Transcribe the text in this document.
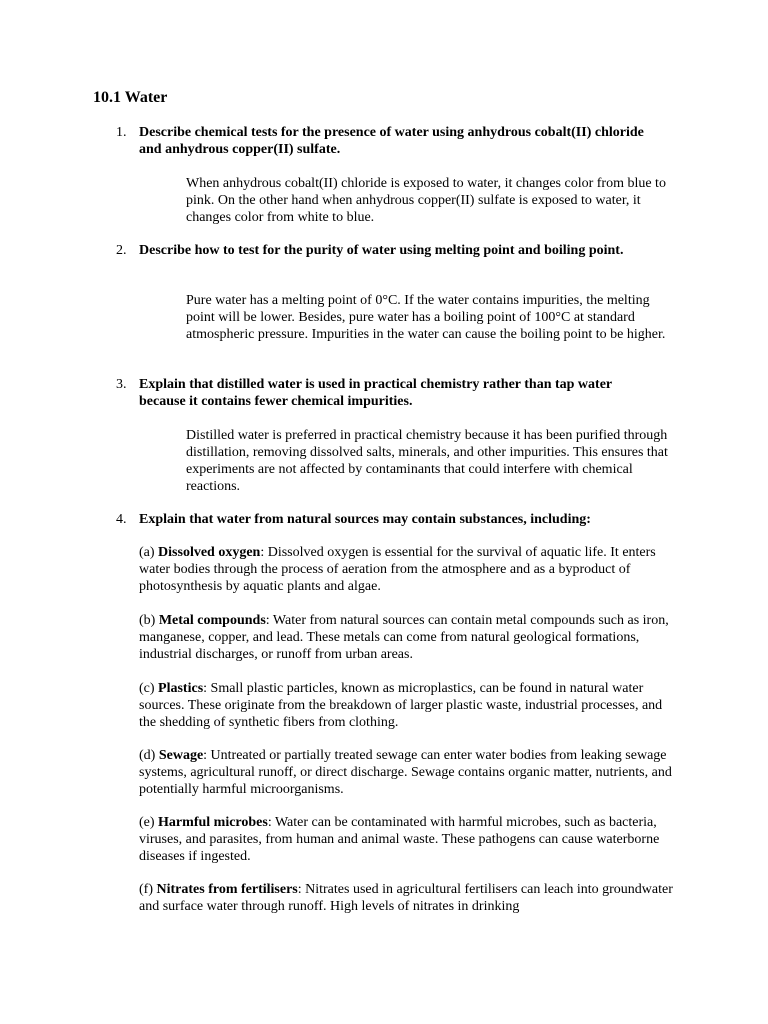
10.1 Water

1. Describe chemical tests for the presence of water using anhydrous cobalt(II) chloride and anhydrous copper(II) sulfate.

When anhydrous cobalt(II) chloride is exposed to water, it changes color from blue to pink. On the other hand when anhydrous copper(II) sulfate is exposed to water, it changes color from white to blue.

2. Describe how to test for the purity of water using melting point and boiling point.

Pure water has a melting point of 0°C. If the water contains impurities, the melting point will be lower. Besides, pure water has a boiling point of 100°C at standard atmospheric pressure. Impurities in the water can cause the boiling point to be higher.

3. Explain that distilled water is used in practical chemistry rather than tap water because it contains fewer chemical impurities.

Distilled water is preferred in practical chemistry because it has been purified through distillation, removing dissolved salts, minerals, and other impurities. This ensures that experiments are not affected by contaminants that could interfere with chemical reactions.

4. Explain that water from natural sources may contain substances, including:

(a) Dissolved oxygen: Dissolved oxygen is essential for the survival of aquatic life. It enters water bodies through the process of aeration from the atmosphere and as a byproduct of photosynthesis by aquatic plants and algae.

(b) Metal compounds: Water from natural sources can contain metal compounds such as iron, manganese, copper, and lead. These metals can come from natural geological formations, industrial discharges, or runoff from urban areas.

(c) Plastics: Small plastic particles, known as microplastics, can be found in natural water sources. These originate from the breakdown of larger plastic waste, industrial processes, and the shedding of synthetic fibers from clothing.

(d) Sewage: Untreated or partially treated sewage can enter water bodies from leaking sewage systems, agricultural runoff, or direct discharge. Sewage contains organic matter, nutrients, and potentially harmful microorganisms.

(e) Harmful microbes: Water can be contaminated with harmful microbes, such as bacteria, viruses, and parasites, from human and animal waste. These pathogens can cause waterborne diseases if ingested.

(f) Nitrates from fertilisers: Nitrates used in agricultural fertilisers can leach into groundwater and surface water through runoff. High levels of nitrates in drinking
